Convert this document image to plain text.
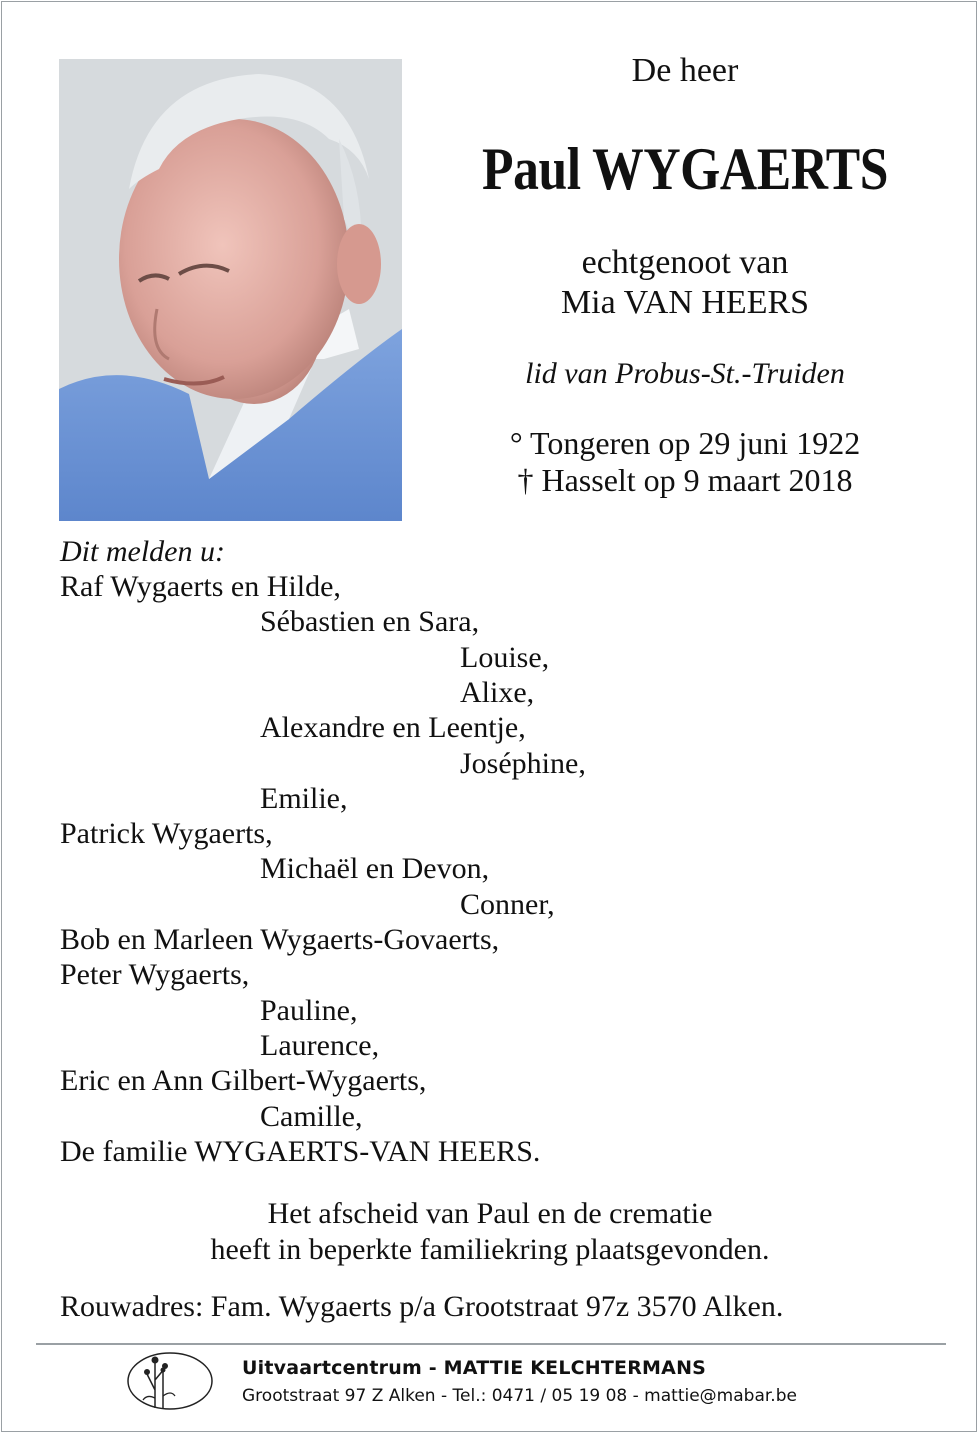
De heer
Paul WYGAERTS
echtgenoot van
Mia VAN HEERS
lid van Probus-St.-Truiden
° Tongeren op 29 juni 1922
† Hasselt op 9 maart 2018
Dit melden u:
Raf Wygaerts en Hilde,
Sébastien en Sara,
Louise,
Alixe,
Alexandre en Leentje,
Joséphine,
Emilie,
Patrick Wygaerts,
Michaël en Devon,
Conner,
Bob en Marleen Wygaerts-Govaerts,
Peter Wygaerts,
Pauline,
Laurence,
Eric en Ann Gilbert-Wygaerts,
Camille,
De familie WYGAERTS-VAN HEERS.
Het afscheid van Paul en de crematie
heeft in beperkte familiekring plaatsgevonden.
Rouwadres: Fam. Wygaerts p/a Grootstraat 97z 3570 Alken.
Uitvaartcentrum - MATTIE KELCHTERMANS
Grootstraat 97 Z Alken - Tel.: 0471 / 05 19 08 - mattie@mabar.be
